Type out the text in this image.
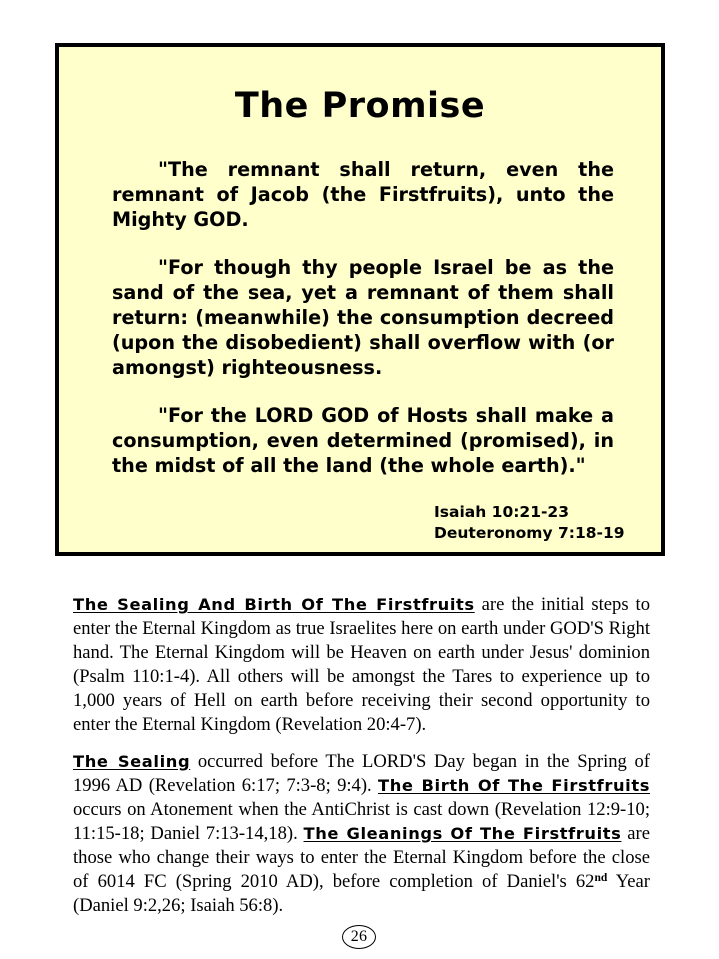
The Promise

"The remnant shall return, even the remnant of Jacob (the Firstfruits), unto the Mighty GOD.

"For though thy people Israel be as the sand of the sea, yet a remnant of them shall return: (meanwhile) the consumption decreed (upon the disobedient) shall overflow with (or amongst) righteousness.

"For the LORD GOD of Hosts shall make a consumption, even determined (promised), in the midst of all the land (the whole earth)."

Isaiah 10:21-23
Deuteronomy 7:18-19

The Sealing And Birth Of The Firstfruits are the initial steps to enter the Eternal Kingdom as true Israelites here on earth under GOD'S Right hand. The Eternal Kingdom will be Heaven on earth under Jesus' dominion (Psalm 110:1-4). All others will be amongst the Tares to experience up to 1,000 years of Hell on earth before receiving their second opportunity to enter the Eternal Kingdom (Revelation 20:4-7).

The Sealing occurred before The LORD'S Day began in the Spring of 1996 AD (Revelation 6:17; 7:3-8; 9:4). The Birth Of The Firstfruits occurs on Atonement when the AntiChrist is cast down (Revelation 12:9-10; 11:15-18; Daniel 7:13-14,18). The Gleanings Of The Firstfruits are those who change their ways to enter the Eternal Kingdom before the close of 6014 FC (Spring 2010 AD), before completion of Daniel's 62nd Year (Daniel 9:2,26; Isaiah 56:8).

26
